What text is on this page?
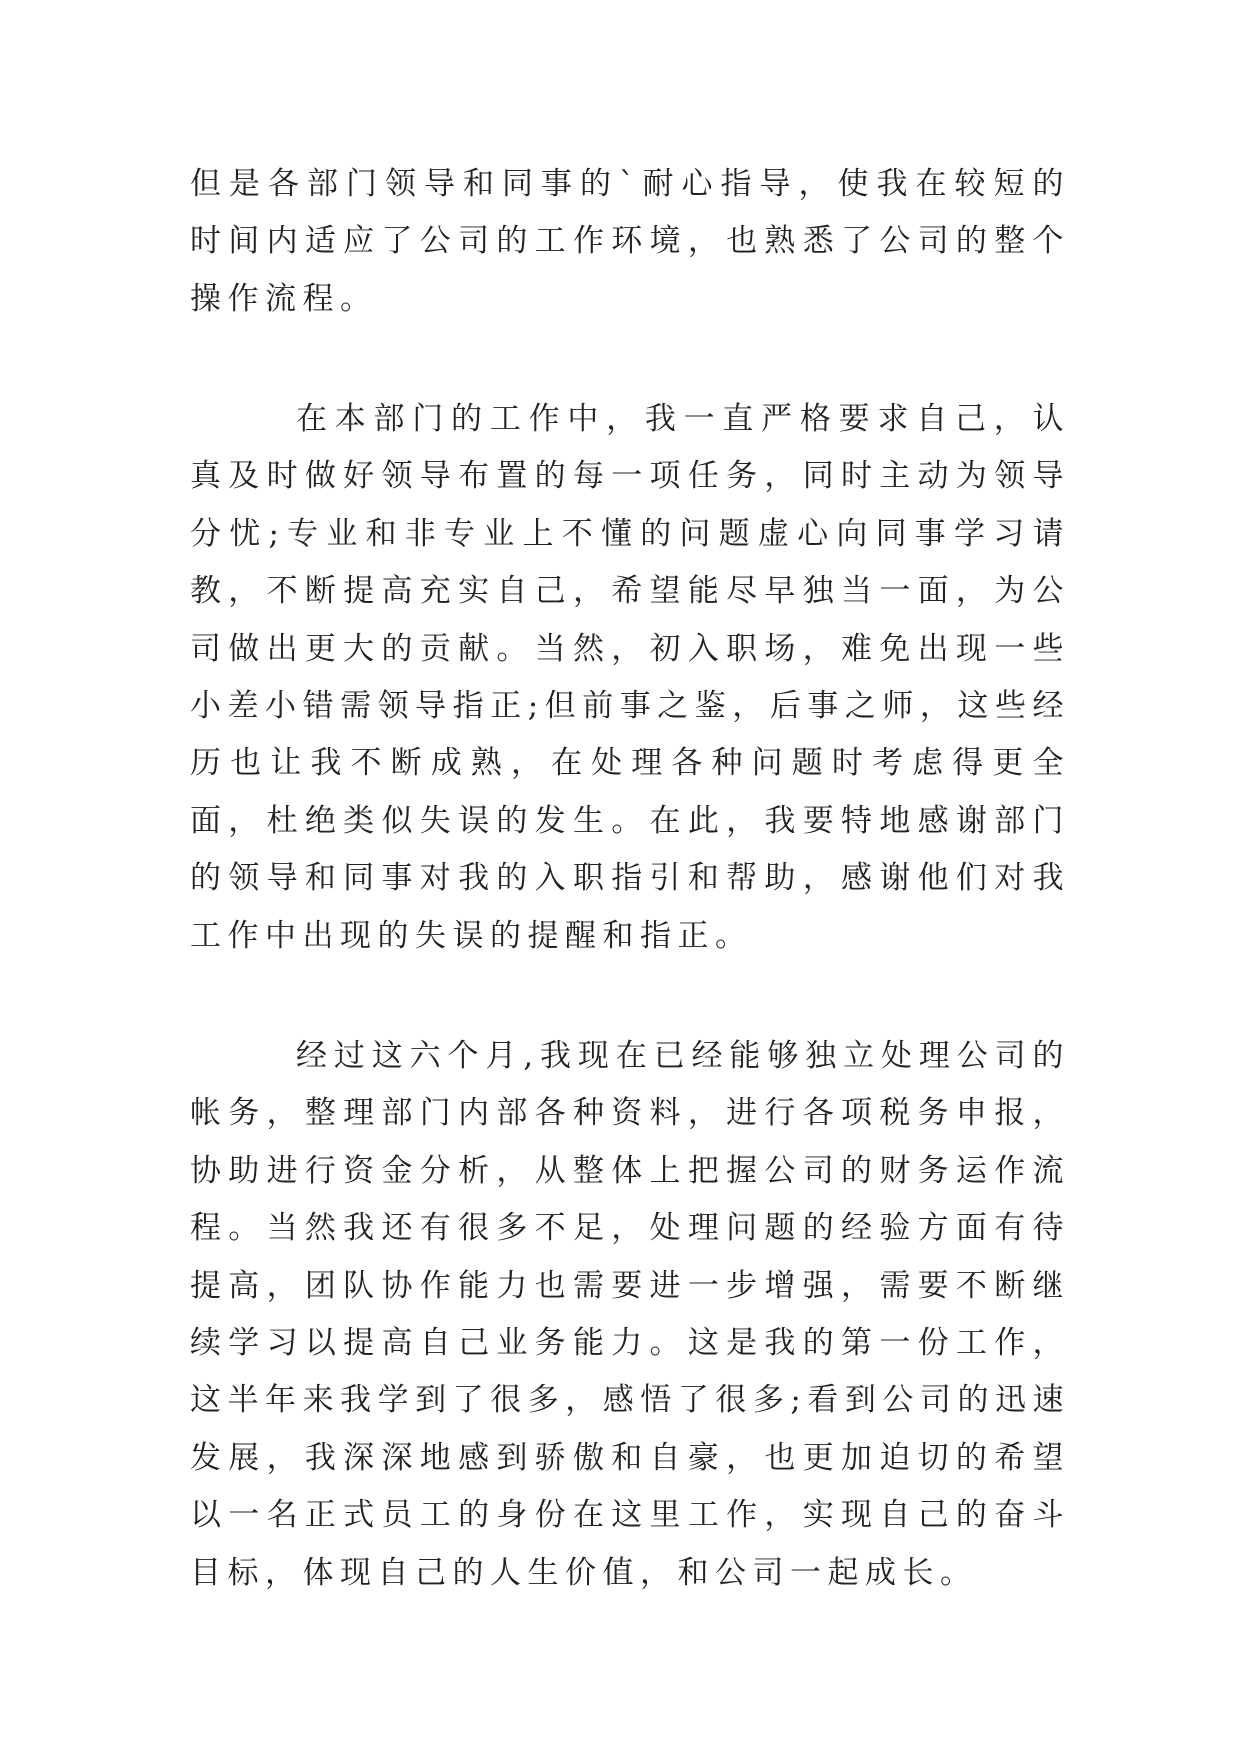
但是各部门领导和同事的`耐心指导，使我在较短的时间内适应了公司的工作环境，也熟悉了公司的整个操作流程。

在本部门的工作中，我一直严格要求自己，认真及时做好领导布置的每一项任务，同时主动为领导分忧;专业和非专业上不懂的问题虚心向同事学习请教，不断提高充实自己，希望能尽早独当一面，为公司做出更大的贡献。当然，初入职场，难免出现一些小差小错需领导指正;但前事之鉴，后事之师，这些经历也让我不断成熟，在处理各种问题时考虑得更全面，杜绝类似失误的发生。在此，我要特地感谢部门的领导和同事对我的入职指引和帮助，感谢他们对我工作中出现的失误的提醒和指正。

经过这六个月,我现在已经能够独立处理公司的帐务，整理部门内部各种资料，进行各项税务申报，协助进行资金分析，从整体上把握公司的财务运作流程。当然我还有很多不足，处理问题的经验方面有待提高，团队协作能力也需要进一步增强，需要不断继续学习以提高自己业务能力。这是我的第一份工作，这半年来我学到了很多，感悟了很多;看到公司的迅速发展，我深深地感到骄傲和自豪，也更加迫切的希望以一名正式员工的身份在这里工作，实现自己的奋斗目标，体现自己的人生价值，和公司一起成长。
